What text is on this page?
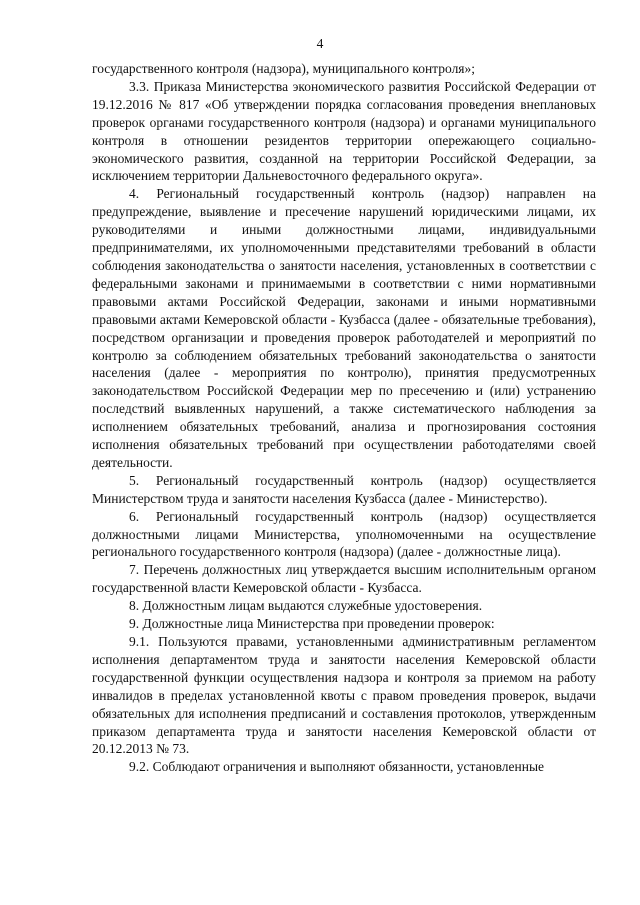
4

государственного контроля (надзора), муниципального контроля»;

3.3. Приказа Министерства экономического развития Российской Федерации от 19.12.2016 № 817 «Об утверждении порядка согласования проведения внеплановых проверок органами государственного контроля (надзора) и органами муниципального контроля в отношении резидентов территории опережающего социально-экономического развития, созданной на территории Российской Федерации, за исключением территории Дальневосточного федерального округа».

4. Региональный государственный контроль (надзор) направлен на предупреждение, выявление и пресечение нарушений юридическими лицами, их руководителями и иными должностными лицами, индивидуальными предпринимателями, их уполномоченными представителями требований в области соблюдения законодательства о занятости населения, установленных в соответствии с федеральными законами и принимаемыми в соответствии с ними нормативными правовыми актами Российской Федерации, законами и иными нормативными правовыми актами Кемеровской области - Кузбасса (далее - обязательные требования), посредством организации и проведения проверок работодателей и мероприятий по контролю за соблюдением обязательных требований законодательства о занятости населения (далее - мероприятия по контролю), принятия предусмотренных законодательством Российской Федерации мер по пресечению и (или) устранению последствий выявленных нарушений, а также систематического наблюдения за исполнением обязательных требований, анализа и прогнозирования состояния исполнения обязательных требований при осуществлении работодателями своей деятельности.

5. Региональный государственный контроль (надзор) осуществляется Министерством труда и занятости населения Кузбасса (далее - Министерство).

6. Региональный государственный контроль (надзор) осуществляется должностными лицами Министерства, уполномоченными на осуществление регионального государственного контроля (надзора) (далее - должностные лица).

7. Перечень должностных лиц утверждается высшим исполнительным органом государственной власти Кемеровской области - Кузбасса.

8. Должностным лицам выдаются служебные удостоверения.

9. Должностные лица Министерства при проведении проверок:

9.1. Пользуются правами, установленными административным регламентом исполнения департаментом труда и занятости населения Кемеровской области государственной функции осуществления надзора и контроля за приемом на работу инвалидов в пределах установленной квоты с правом проведения проверок, выдачи обязательных для исполнения предписаний и составления протоколов, утвержденным приказом департамента труда и занятости населения Кемеровской области от 20.12.2013 № 73.

9.2. Соблюдают ограничения и выполняют обязанности, установленные
